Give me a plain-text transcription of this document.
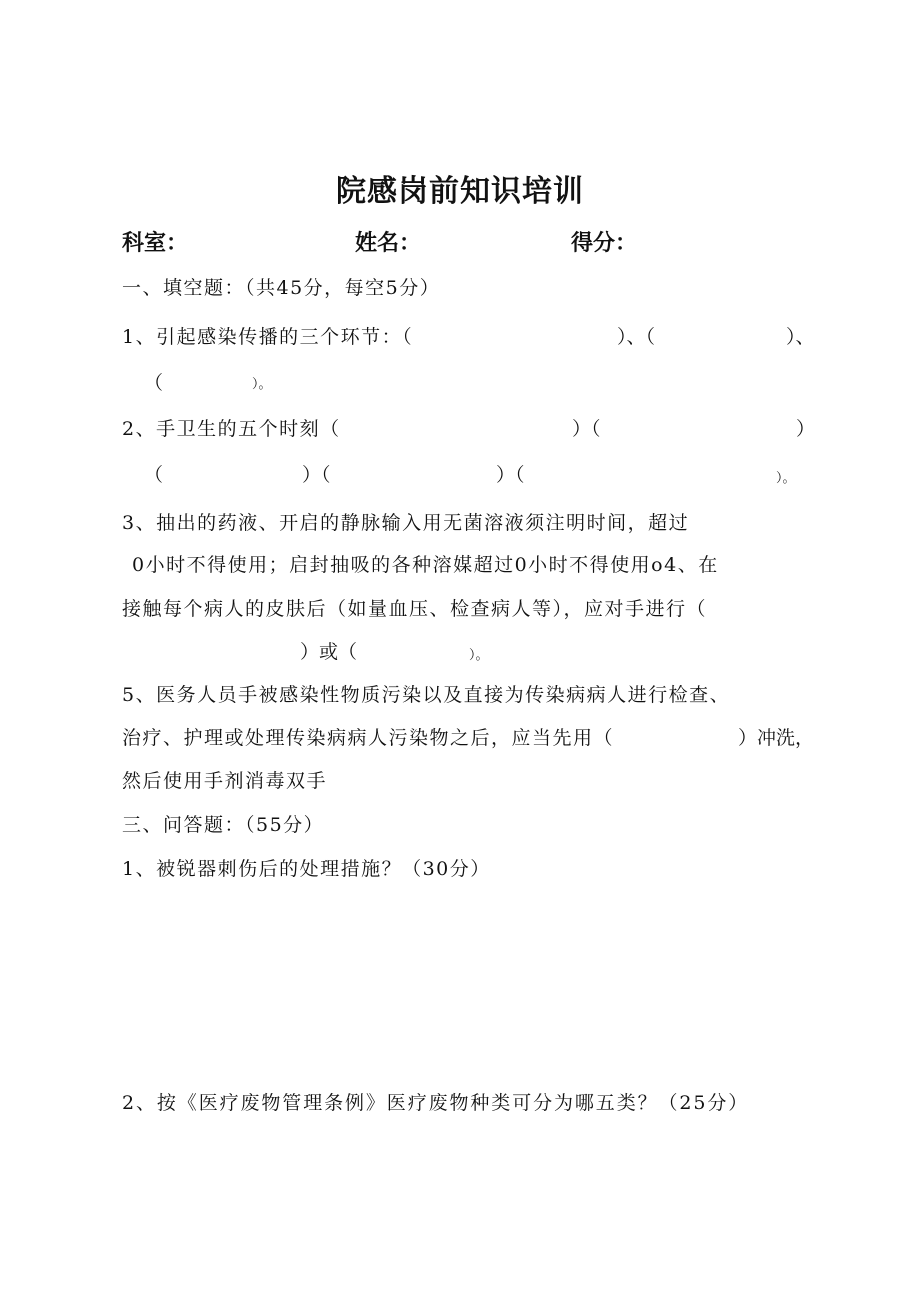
院感岗前知识培训
科室：	姓名：	得分：
一、填空题：（共45分，每空5分）
1、引起感染传播的三个环节：（	）、（	）、
（	）。
2、手卫生的五个时刻（	）（	）
（	）（	）（	）。
3、抽出的药液、开启的静脉输入用无菌溶液须注明时间，超过
0小时不得使用；启封抽吸的各种溶媒超过0小时不得使用o4、在
接触每个病人的皮肤后（如量血压、检查病人等），应对手进行（
）或（	）。
5、医务人员手被感染性物质污染以及直接为传染病病人进行检查、
治疗、护理或处理传染病病人污染物之后，应当先用（	）冲洗，
然后使用手剂消毒双手
三、问答题：（55分）
1、被锐器刺伤后的处理措施？（30分）
2、按《医疗废物管理条例》医疗废物种类可分为哪五类？（25分）
